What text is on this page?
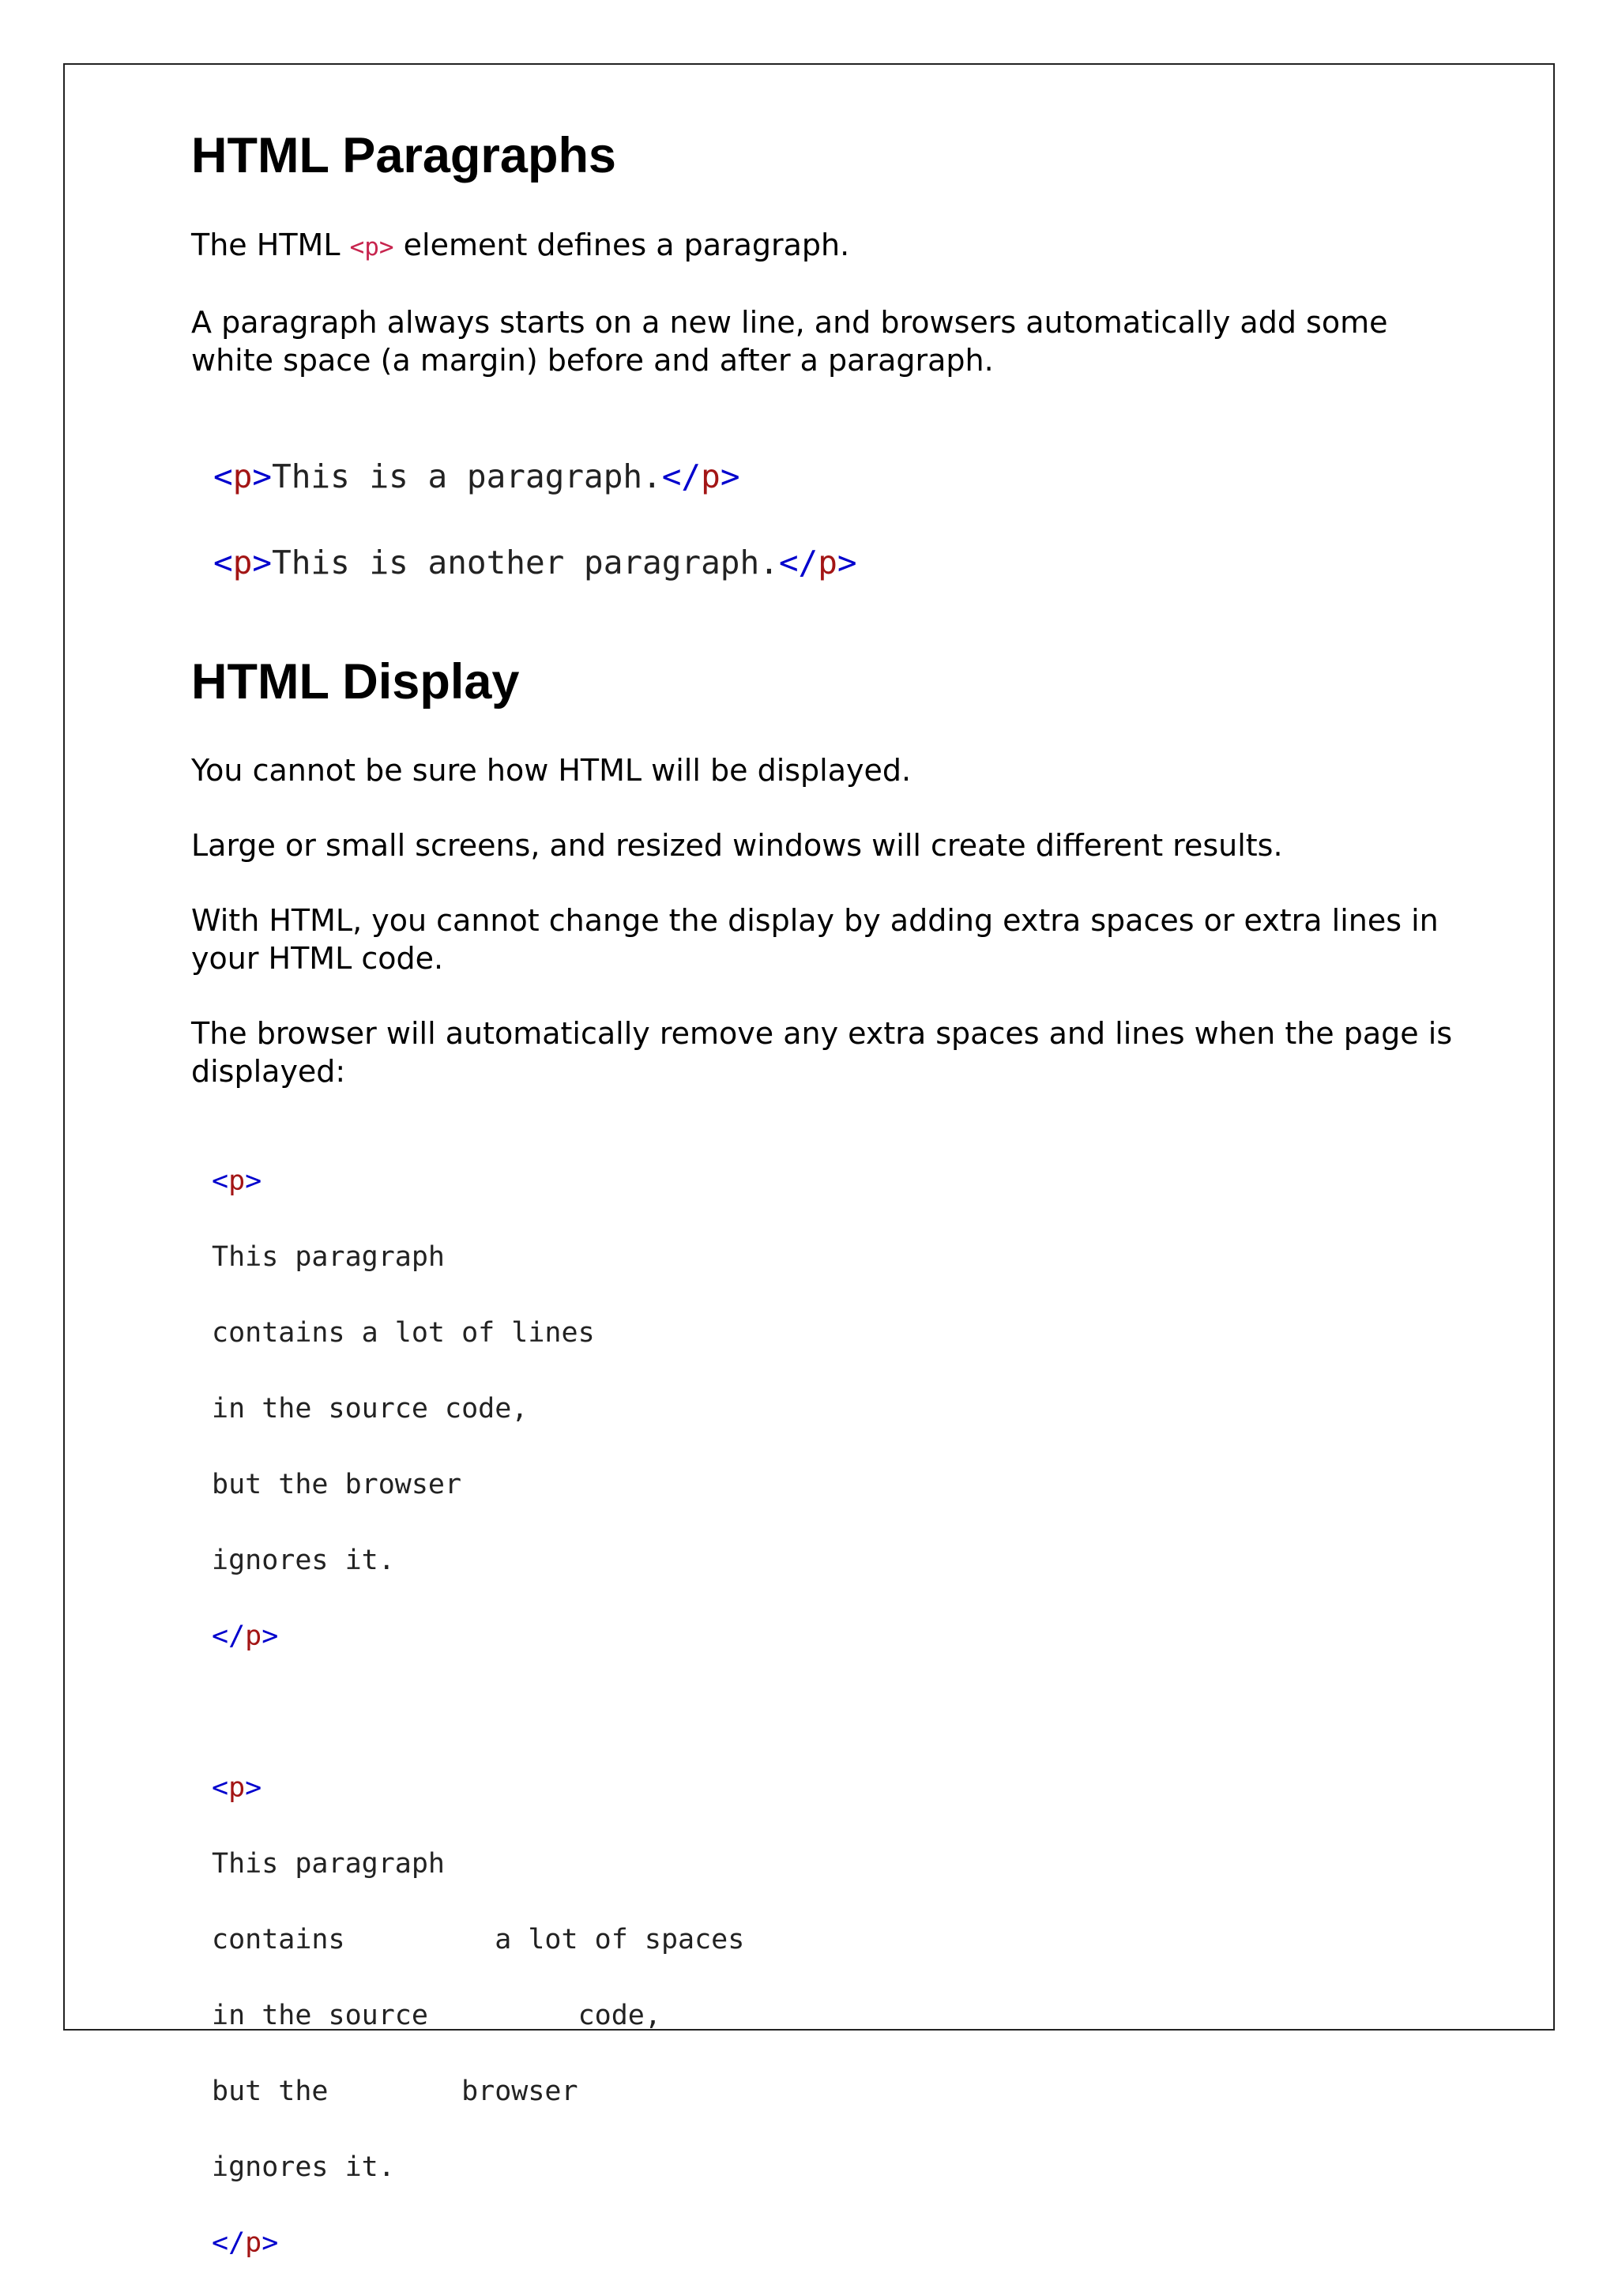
HTML Paragraphs

The HTML <p> element defines a paragraph.

A paragraph always starts on a new line, and browsers automatically add some white space (a margin) before and after a paragraph.

<p>This is a paragraph.</p>

<p>This is another paragraph.</p>

HTML Display

You cannot be sure how HTML will be displayed.

Large or small screens, and resized windows will create different results.

With HTML, you cannot change the display by adding extra spaces or extra lines in your HTML code.

The browser will automatically remove any extra spaces and lines when the page is displayed:

<p>

This paragraph

contains a lot of lines

in the source code,

but the browser

ignores it.

</p>

<p>

This paragraph

contains         a lot of spaces

in the source         code,

but the        browser

ignores it.

</p>
